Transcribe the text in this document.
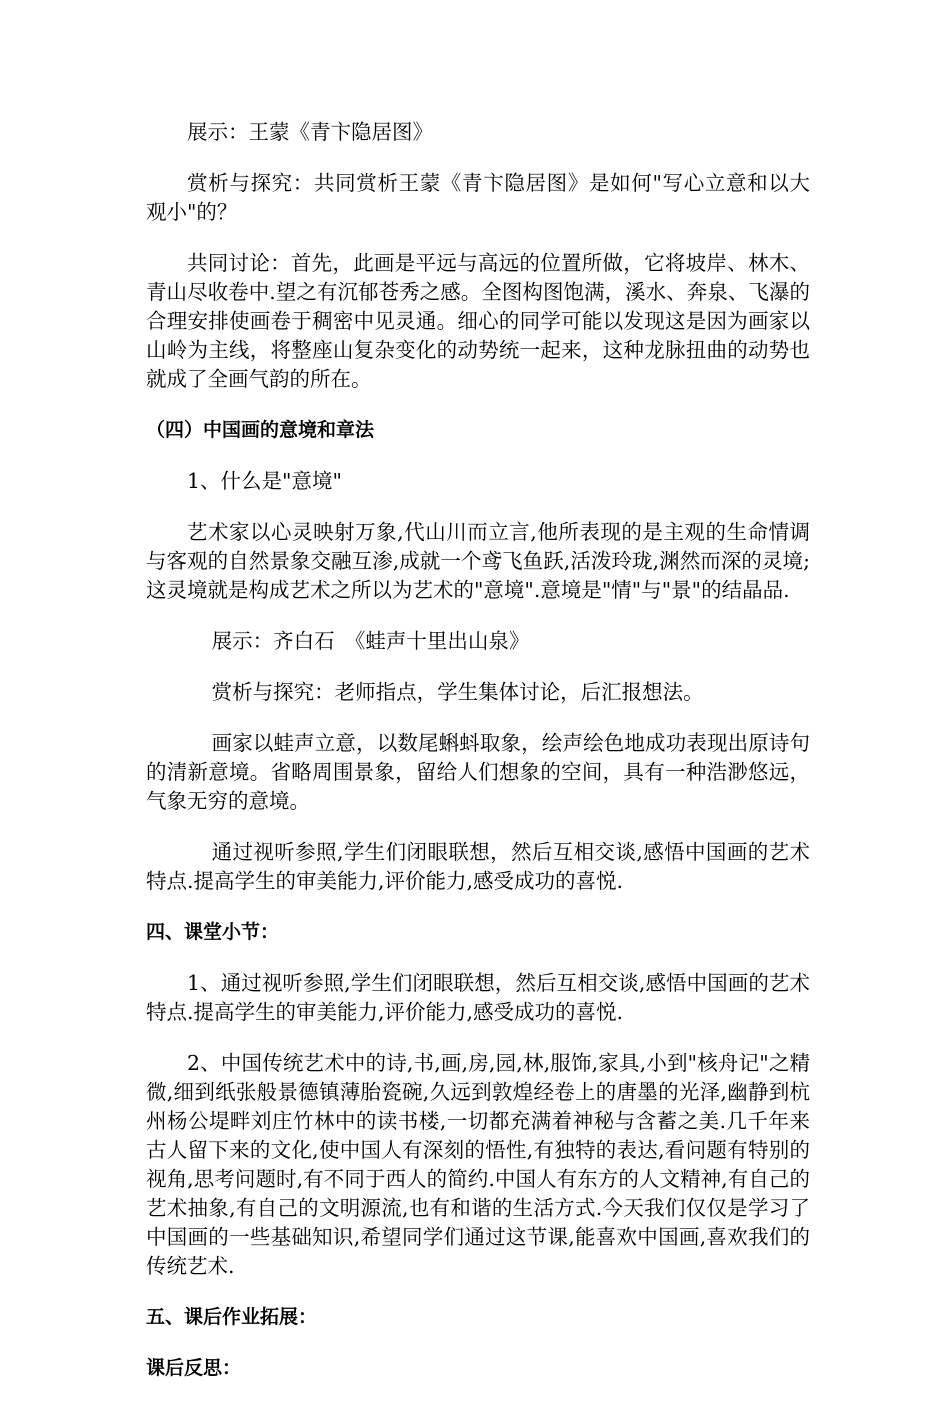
展示：王蒙《青卞隐居图》

赏析与探究：共同赏析王蒙《青卞隐居图》是如何"写心立意和以大观小"的？

共同讨论：首先，此画是平远与高远的位置所做，它将坡岸、林木、青山尽收卷中.望之有沉郁苍秀之感。全图构图饱满，溪水、奔泉、飞瀑的合理安排使画卷于稠密中见灵通。细心的同学可能以发现这是因为画家以山岭为主线，将整座山复杂变化的动势统一起来，这种龙脉扭曲的动势也就成了全画气韵的所在。

（四）中国画的意境和章法

1、什么是"意境"

艺术家以心灵映射万象,代山川而立言,他所表现的是主观的生命情调与客观的自然景象交融互渗,成就一个鸢飞鱼跃,活泼玲珑,渊然而深的灵境;这灵境就是构成艺术之所以为艺术的"意境".意境是"情"与"景"的结晶品.

展示：齐白石　《蛙声十里出山泉》

赏析与探究：老师指点，学生集体讨论，后汇报想法。

画家以蛙声立意，以数尾蝌蚪取象，绘声绘色地成功表现出原诗句的清新意境。省略周围景象，留给人们想象的空间，具有一种浩渺悠远，气象无穷的意境。

通过视听参照,学生们闭眼联想，然后互相交谈,感悟中国画的艺术特点.提高学生的审美能力,评价能力,感受成功的喜悦.

四、课堂小节：

1、通过视听参照,学生们闭眼联想，然后互相交谈,感悟中国画的艺术特点.提高学生的审美能力,评价能力,感受成功的喜悦.

2、中国传统艺术中的诗,书,画,房,园,林,服饰,家具,小到"核舟记"之精微,细到纸张般景德镇薄胎瓷碗,久远到敦煌经卷上的唐墨的光泽,幽静到杭州杨公堤畔刘庄竹林中的读书楼,一切都充满着神秘与含蓄之美.几千年来古人留下来的文化,使中国人有深刻的悟性,有独特的表达,看问题有特别的视角,思考问题时,有不同于西人的简约.中国人有东方的人文精神,有自己的艺术抽象,有自己的文明源流,也有和谐的生活方式.今天我们仅仅是学习了中国画的一些基础知识,希望同学们通过这节课,能喜欢中国画,喜欢我们的传统艺术.

五、课后作业拓展：

课后反思：
